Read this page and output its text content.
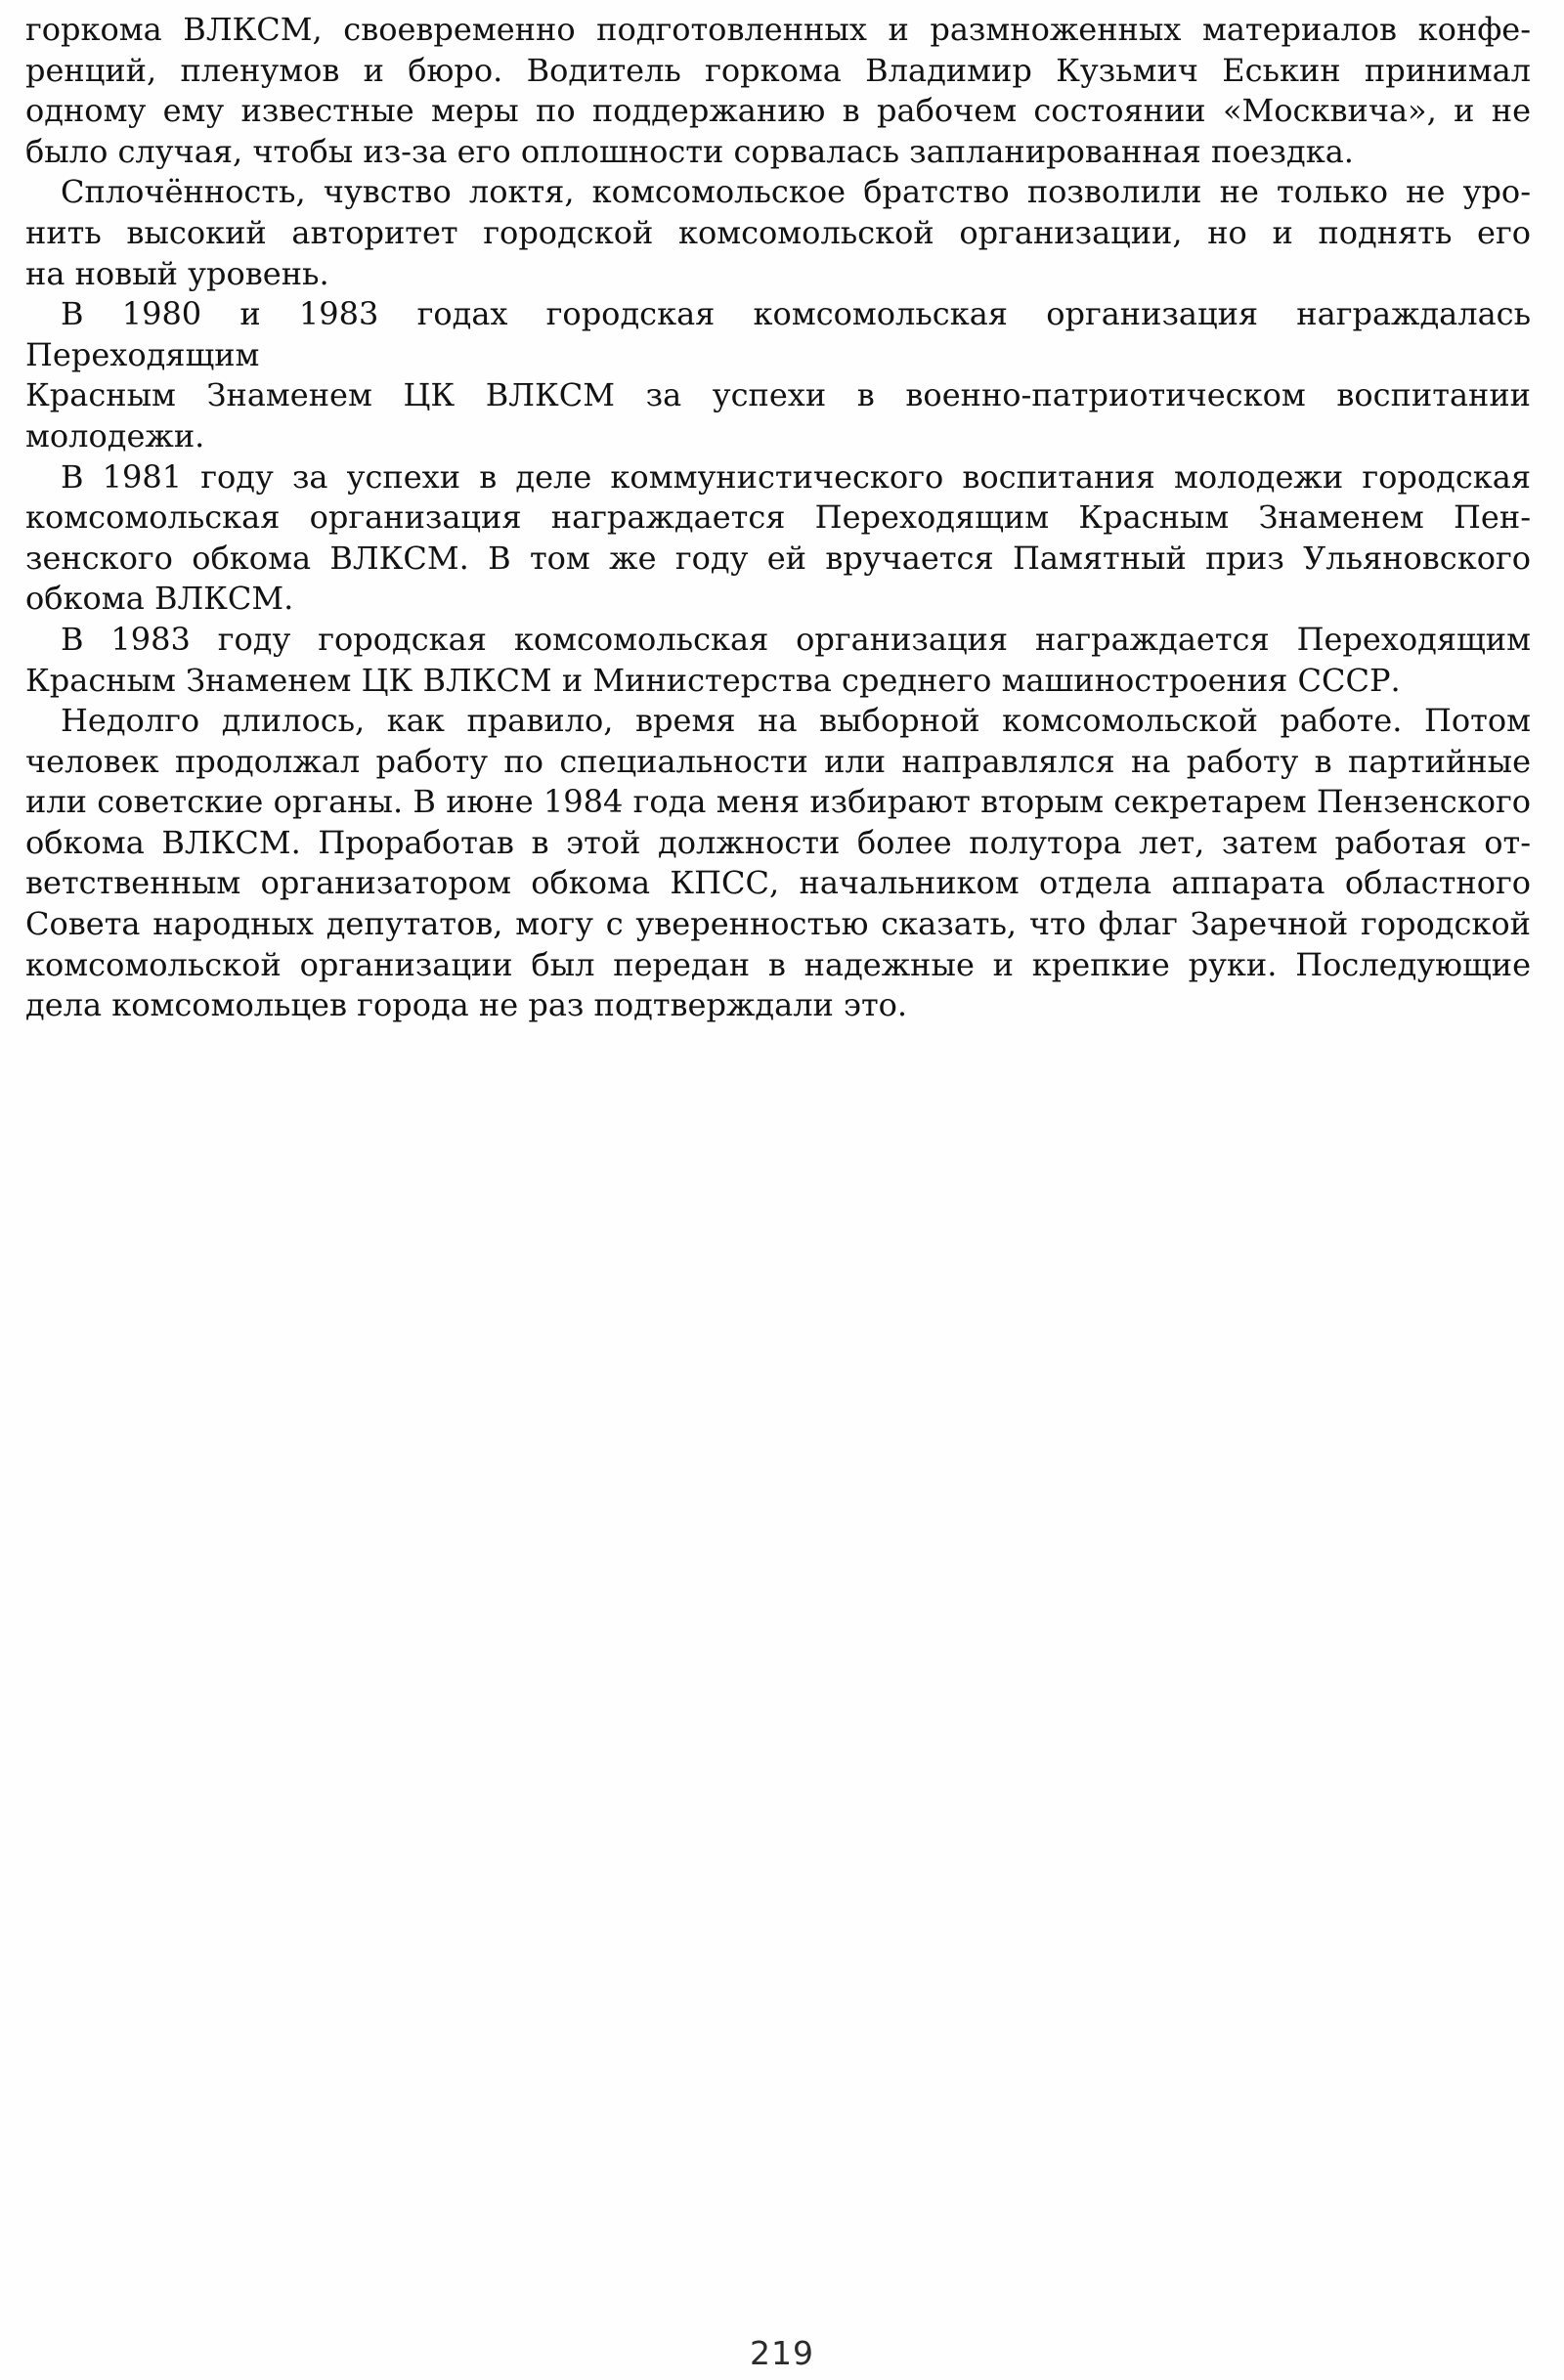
горкома ВЛКСМ, своевременно подготовленных и размноженных материалов конфе-
ренций, пленумов и бюро. Водитель горкома Владимир Кузьмич Еськин принимал
одному ему известные меры по поддержанию в рабочем состоянии «Москвича», и не
было случая, чтобы из-за его оплошности сорвалась запланированная поездка.
Сплочённость, чувство локтя, комсомольское братство позволили не только не уро-
нить высокий авторитет городской комсомольской организации, но и поднять его
на новый уровень.
В 1980 и 1983 годах городская комсомольская организация награждалась Переходящим
Красным Знаменем ЦК ВЛКСМ за успехи в военно-патриотическом воспитании молодежи.
В 1981 году за успехи в деле коммунистического воспитания молодежи городская
комсомольская организация награждается Переходящим Красным Знаменем Пен-
зенского обкома ВЛКСМ. В том же году ей вручается Памятный приз Ульяновского
обкома ВЛКСМ.
В 1983 году городская комсомольская организация награждается Переходящим
Красным Знаменем ЦК ВЛКСМ и Министерства среднего машиностроения СССР.
Недолго длилось, как правило, время на выборной комсомольской работе. Потом
человек продолжал работу по специальности или направлялся на работу в партийные
или советские органы. В июне 1984 года меня избирают вторым секретарем Пензенского
обкома ВЛКСМ. Проработав в этой должности более полутора лет, затем работая от-
ветственным организатором обкома КПСС, начальником отдела аппарата областного
Совета народных депутатов, могу с уверенностью сказать, что флаг Заречной городской
комсомольской организации был передан в надежные и крепкие руки. Последующие
дела комсомольцев города не раз подтверждали это.
219
